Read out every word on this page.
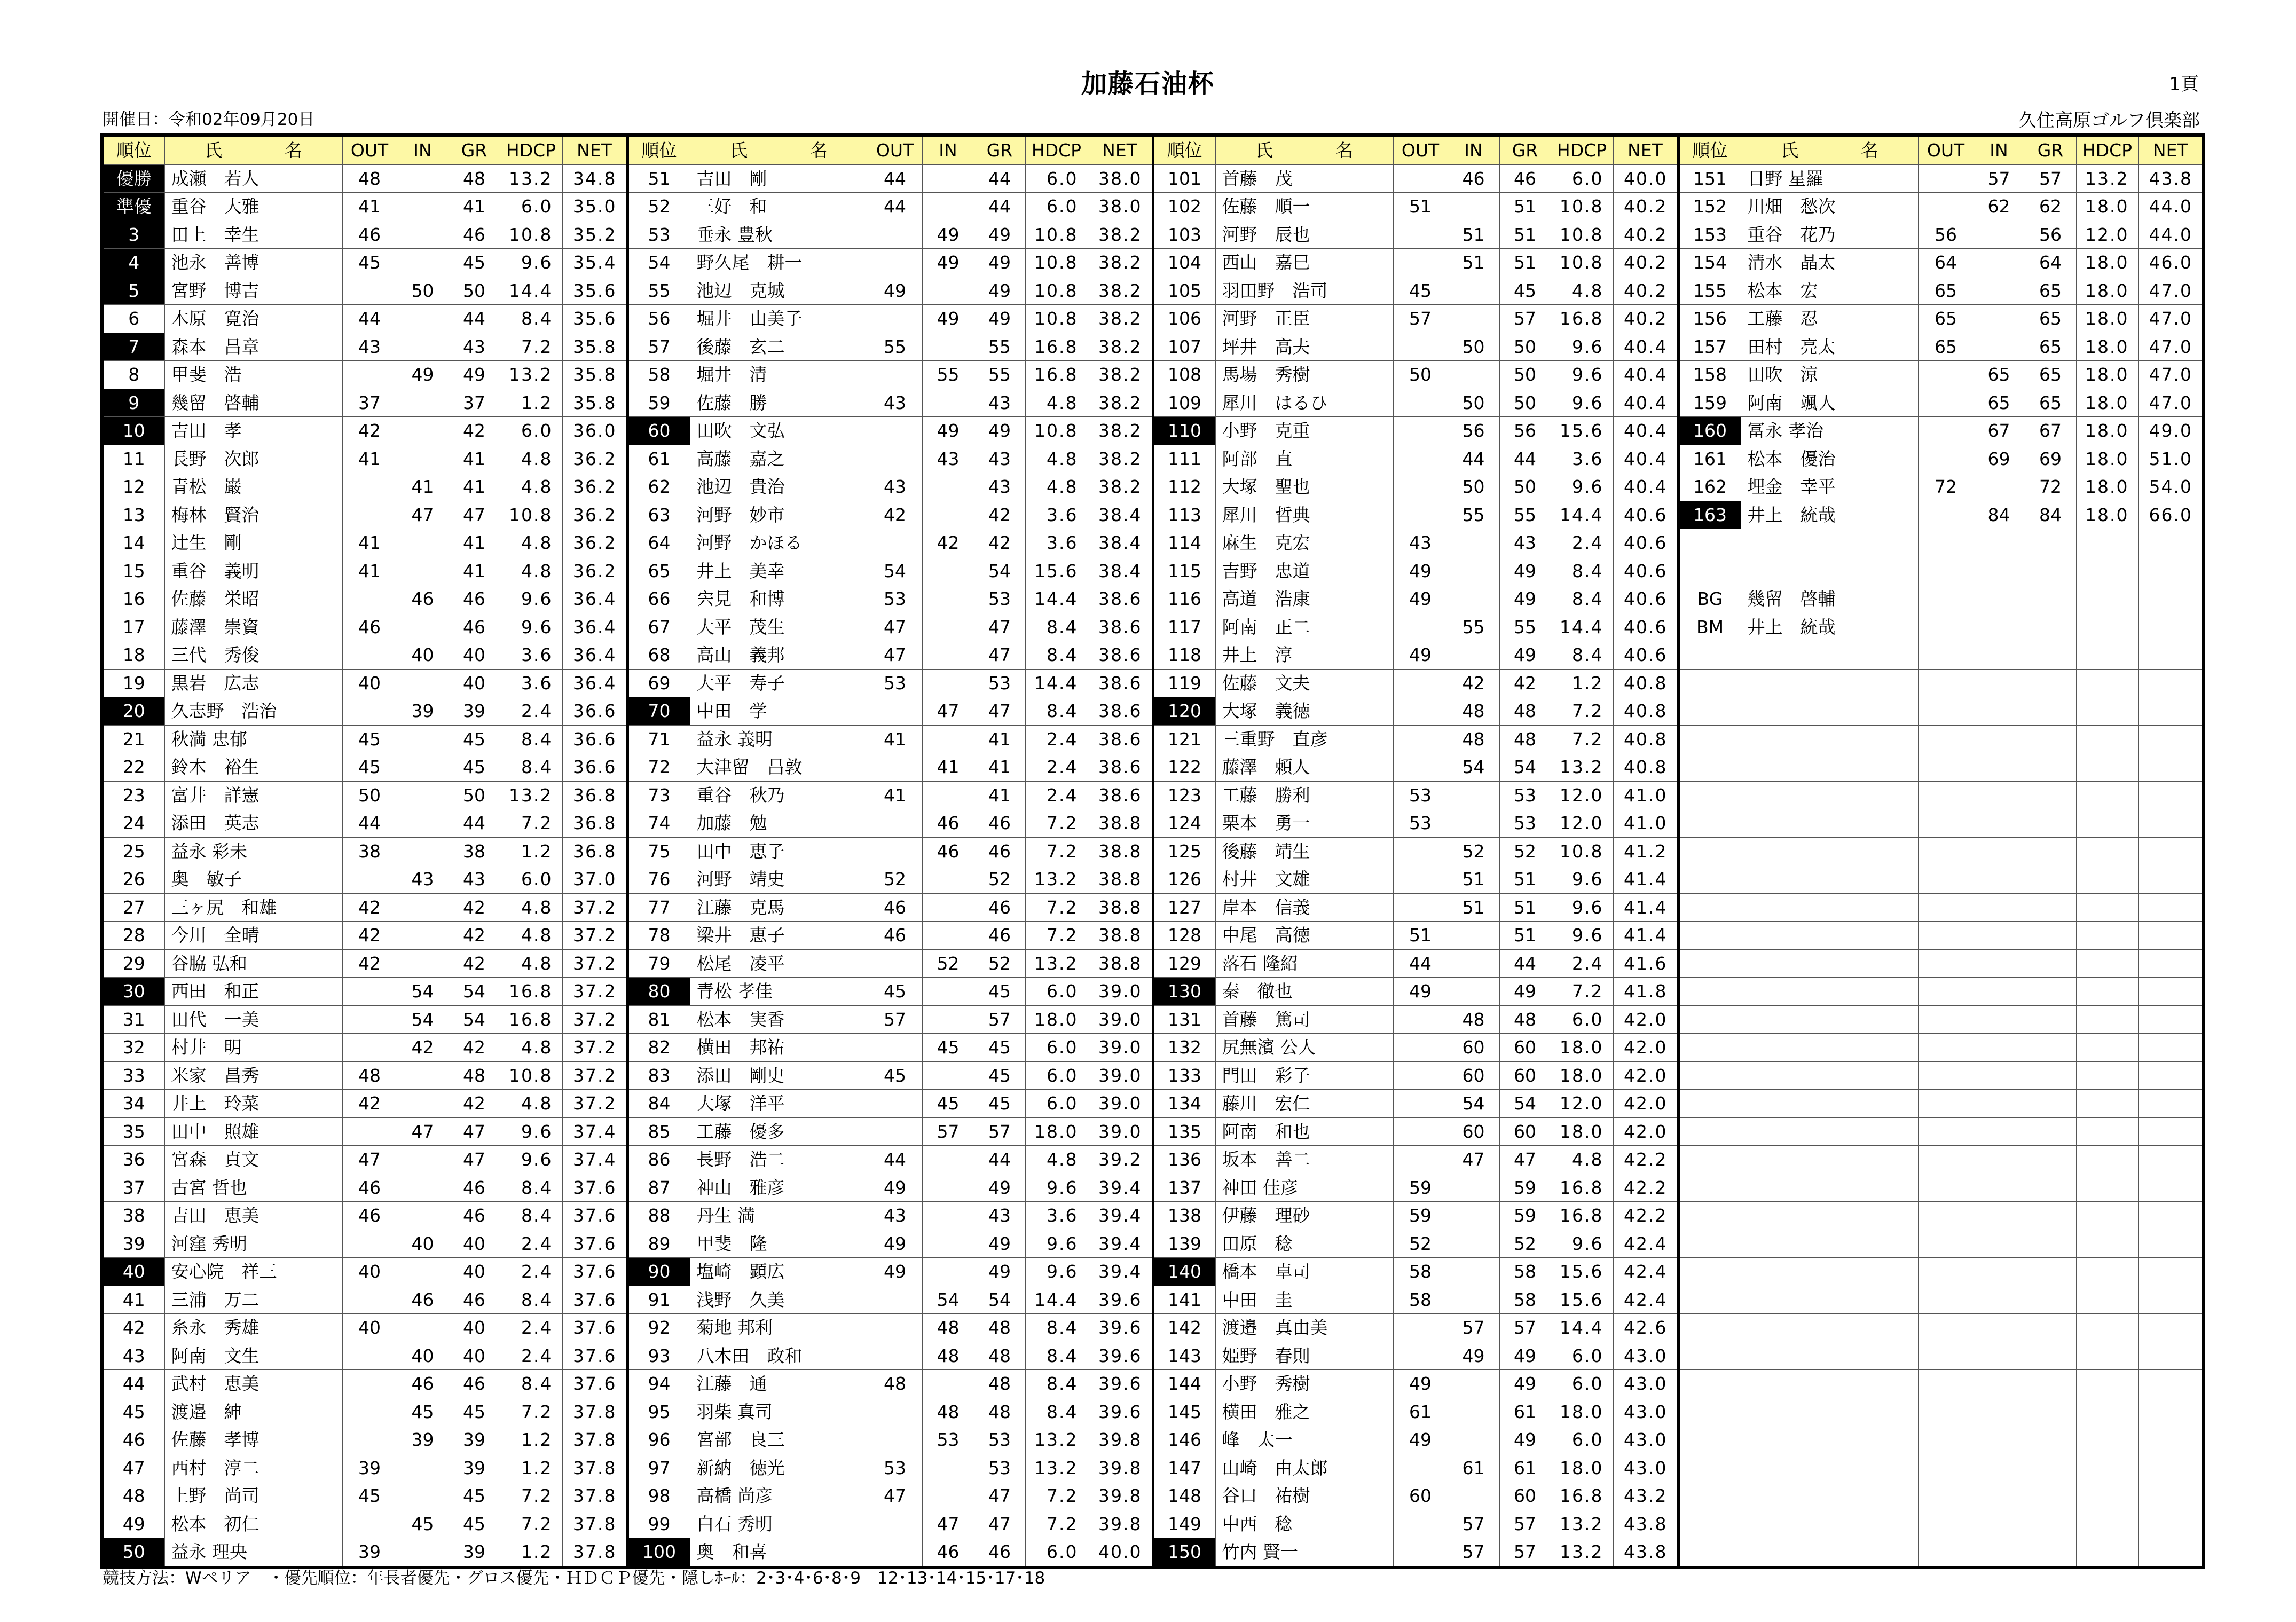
加藤石油杯	1頁
開催日：令和02年09月20日	久住高原ゴルフ倶楽部
順位	氏　名	OUT	IN	GR	HDCP	NET	順位	氏　名	OUT	IN	GR	HDCP	NET	順位	氏　名	OUT	IN	GR	HDCP	NET	順位	氏　名	OUT	IN	GR	HDCP	NET
優勝	成瀬　若人	48		48	13.2	34.8	51	吉田　剛	44		44	6.0	38.0	101	首藤　茂		46	46	6.0	40.0	151	日野 星羅		57	57	13.2	43.8
準優	重谷　大雅	41		41	6.0	35.0	52	三好　和	44		44	6.0	38.0	102	佐藤　順一	51		51	10.8	40.2	152	川畑　愁次		62	62	18.0	44.0
3	田上　幸生	46		46	10.8	35.2	53	垂永 豊秋		49	49	10.8	38.2	103	河野　辰也		51	51	10.8	40.2	153	重谷　花乃	56		56	12.0	44.0
4	池永　善博	45		45	9.6	35.4	54	野久尾　耕一		49	49	10.8	38.2	104	西山　嘉巳		51	51	10.8	40.2	154	清水　晶太	64		64	18.0	46.0
5	宮野　博吉		50	50	14.4	35.6	55	池辺　克城	49		49	10.8	38.2	105	羽田野　浩司	45		45	4.8	40.2	155	松本　宏	65		65	18.0	47.0
6	木原　寛治	44		44	8.4	35.6	56	堀井　由美子		49	49	10.8	38.2	106	河野　正臣	57		57	16.8	40.2	156	工藤　忍	65		65	18.0	47.0
7	森本　昌章	43		43	7.2	35.8	57	後藤　玄二	55		55	16.8	38.2	107	坪井　高夫		50	50	9.6	40.4	157	田村　亮太	65		65	18.0	47.0
8	甲斐　浩		49	49	13.2	35.8	58	堀井　清		55	55	16.8	38.2	108	馬場　秀樹	50		50	9.6	40.4	158	田吹　涼		65	65	18.0	47.0
9	幾留　啓輔	37		37	1.2	35.8	59	佐藤　勝	43		43	4.8	38.2	109	犀川　はるひ		50	50	9.6	40.4	159	阿南　颯人		65	65	18.0	47.0
10	吉田　孝	42		42	6.0	36.0	60	田吹　文弘		49	49	10.8	38.2	110	小野　克重		56	56	15.6	40.4	160	冨永 孝治		67	67	18.0	49.0
11	長野　次郎	41		41	4.8	36.2	61	高藤　嘉之		43	43	4.8	38.2	111	阿部　直		44	44	3.6	40.4	161	松本　優治		69	69	18.0	51.0
12	青松　巌		41	41	4.8	36.2	62	池辺　貴治	43		43	4.8	38.2	112	大塚　聖也		50	50	9.6	40.4	162	埋金　幸平	72		72	18.0	54.0
13	梅林　賢治		47	47	10.8	36.2	63	河野　妙市	42		42	3.6	38.4	113	犀川　哲典		55	55	14.4	40.6	163	井上　統哉		84	84	18.0	66.0
14	辻生　剛	41		41	4.8	36.2	64	河野　かほる		42	42	3.6	38.4	114	麻生　克宏	43		43	2.4	40.6							
15	重谷　義明	41		41	4.8	36.2	65	井上　美幸	54		54	15.6	38.4	115	吉野　忠道	49		49	8.4	40.6							
16	佐藤　栄昭		46	46	9.6	36.4	66	宍見　和博	53		53	14.4	38.6	116	高道　浩康	49		49	8.4	40.6	BG	幾留　啓輔					
17	藤澤　崇資	46		46	9.6	36.4	67	大平　茂生	47		47	8.4	38.6	117	阿南　正二		55	55	14.4	40.6	BM	井上　統哉					
18	三代　秀俊		40	40	3.6	36.4	68	高山　義邦	47		47	8.4	38.6	118	井上　淳	49		49	8.4	40.6							
19	黒岩　広志	40		40	3.6	36.4	69	大平　寿子	53		53	14.4	38.6	119	佐藤　文夫		42	42	1.2	40.8							
20	久志野　浩治		39	39	2.4	36.6	70	中田　学		47	47	8.4	38.6	120	大塚　義徳		48	48	7.2	40.8							
21	秋満 忠郁	45		45	8.4	36.6	71	益永 義明	41		41	2.4	38.6	121	三重野　直彦		48	48	7.2	40.8							
22	鈴木　裕生	45		45	8.4	36.6	72	大津留　昌敦		41	41	2.4	38.6	122	藤澤　頼人		54	54	13.2	40.8							
23	富井　詳憲	50		50	13.2	36.8	73	重谷　秋乃	41		41	2.4	38.6	123	工藤　勝利	53		53	12.0	41.0							
24	添田　英志	44		44	7.2	36.8	74	加藤　勉		46	46	7.2	38.8	124	栗本　勇一	53		53	12.0	41.0							
25	益永 彩未	38		38	1.2	36.8	75	田中　恵子		46	46	7.2	38.8	125	後藤　靖生		52	52	10.8	41.2							
26	奥　敏子		43	43	6.0	37.0	76	河野　靖史	52		52	13.2	38.8	126	村井　文雄		51	51	9.6	41.4							
27	三ヶ尻　和雄	42		42	4.8	37.2	77	江藤　克馬	46		46	7.2	38.8	127	岸本　信義		51	51	9.6	41.4							
28	今川　全晴	42		42	4.8	37.2	78	梁井　恵子	46		46	7.2	38.8	128	中尾　高徳	51		51	9.6	41.4							
29	谷脇 弘和	42		42	4.8	37.2	79	松尾　凌平		52	52	13.2	38.8	129	落石 隆紹	44		44	2.4	41.6							
30	西田　和正		54	54	16.8	37.2	80	青松 孝佳	45		45	6.0	39.0	130	秦　徹也	49		49	7.2	41.8							
31	田代　一美		54	54	16.8	37.2	81	松本　実香	57		57	18.0	39.0	131	首藤　篤司		48	48	6.0	42.0							
32	村井　明		42	42	4.8	37.2	82	横田　邦祐		45	45	6.0	39.0	132	尻無濱 公人		60	60	18.0	42.0							
33	米家　昌秀	48		48	10.8	37.2	83	添田　剛史	45		45	6.0	39.0	133	門田　彩子		60	60	18.0	42.0							
34	井上　玲菜	42		42	4.8	37.2	84	大塚　洋平		45	45	6.0	39.0	134	藤川　宏仁		54	54	12.0	42.0							
35	田中　照雄		47	47	9.6	37.4	85	工藤　優多		57	57	18.0	39.0	135	阿南　和也		60	60	18.0	42.0							
36	宮森　貞文	47		47	9.6	37.4	86	長野　浩二	44		44	4.8	39.2	136	坂本　善二		47	47	4.8	42.2							
37	古宮 哲也	46		46	8.4	37.6	87	神山　雅彦	49		49	9.6	39.4	137	神田 佳彦	59		59	16.8	42.2							
38	吉田　恵美	46		46	8.4	37.6	88	丹生 満	43		43	3.6	39.4	138	伊藤　理砂	59		59	16.8	42.2							
39	河窪 秀明		40	40	2.4	37.6	89	甲斐　隆	49		49	9.6	39.4	139	田原　稔	52		52	9.6	42.4							
40	安心院　祥三	40		40	2.4	37.6	90	塩崎　顕広	49		49	9.6	39.4	140	橋本　卓司	58		58	15.6	42.4							
41	三浦　万二		46	46	8.4	37.6	91	浅野　久美		54	54	14.4	39.6	141	中田　圭	58		58	15.6	42.4							
42	糸永　秀雄	40		40	2.4	37.6	92	菊地 邦利		48	48	8.4	39.6	142	渡邉　真由美		57	57	14.4	42.6							
43	阿南　文生		40	40	2.4	37.6	93	八木田　政和		48	48	8.4	39.6	143	姫野　春則		49	49	6.0	43.0							
44	武村　恵美		46	46	8.4	37.6	94	江藤　通	48		48	8.4	39.6	144	小野　秀樹	49		49	6.0	43.0							
45	渡邉　紳		45	45	7.2	37.8	95	羽柴 真司		48	48	8.4	39.6	145	横田　雅之	61		61	18.0	43.0							
46	佐藤　孝博		39	39	1.2	37.8	96	宮部　良三		53	53	13.2	39.8	146	峰　太一	49		49	6.0	43.0							
47	西村　淳二	39		39	1.2	37.8	97	新納　徳光	53		53	13.2	39.8	147	山崎　由太郎		61	61	18.0	43.0							
48	上野　尚司	45		45	7.2	37.8	98	高橋 尚彦	47		47	7.2	39.8	148	谷口　祐樹	60		60	16.8	43.2							
49	松本　初仁		45	45	7.2	37.8	99	白石 秀明		47	47	7.2	39.8	149	中西　稔		57	57	13.2	43.8							
50	益永 理央	39		39	1.2	37.8	100	奥　和喜		46	46	6.0	40.0	150	竹内 賢一		57	57	13.2	43.8							
競技方法：Wペリア　・優先順位：年長者優先・グロス優先・ＨＤＣＰ優先・隠しﾎｰﾙ：2･3･4･6･8･9　12･13･14･15･17･18
